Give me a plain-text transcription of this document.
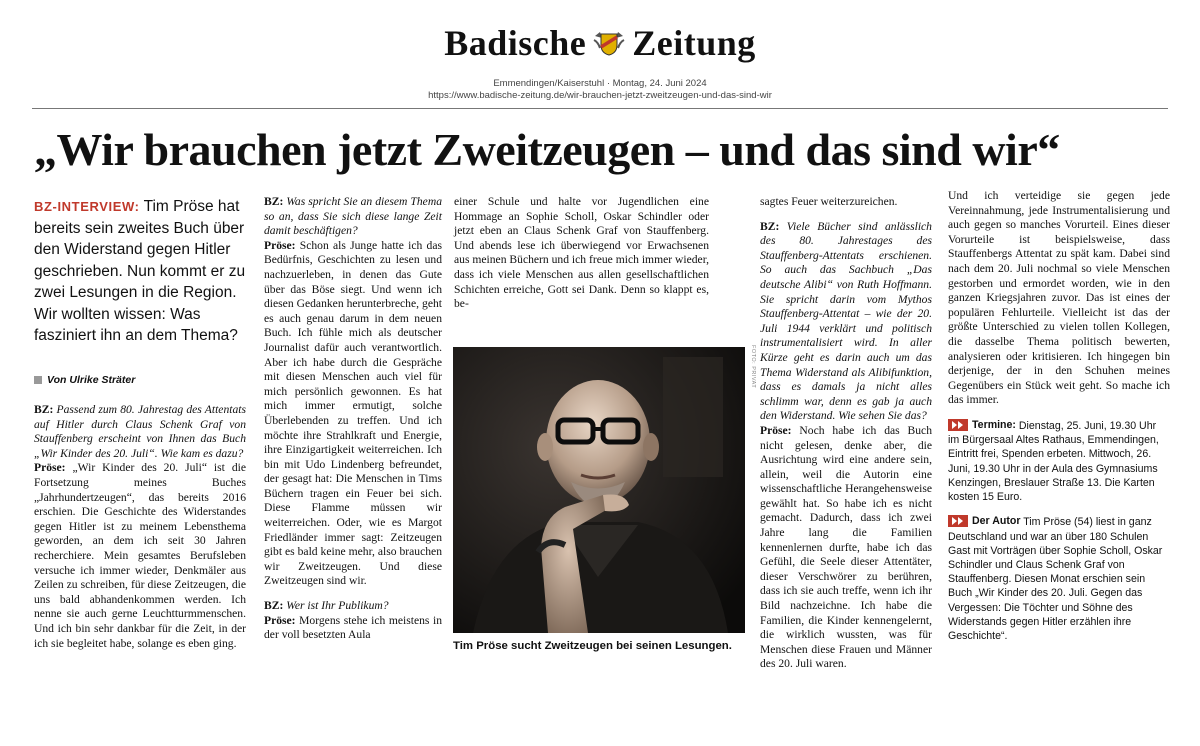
Badische Zeitung
Emmendingen/Kaiserstuhl · Montag, 24. Juni 2024
https://www.badische-zeitung.de/wir-brauchen-jetzt-zweitzeugen-und-das-sind-wir
„Wir brauchen jetzt Zweitzeugen – und das sind wir“

BZ-INTERVIEW: Tim Pröse hat bereits sein zweites Buch über den Widerstand gegen Hitler geschrieben. Nun kommt er zu zwei Lesungen in die Region. Wir wollten wissen: Was fasziniert ihn an dem Thema?

Von Ulrike Sträter

BZ: Passend zum 80. Jahrestag des Attentats auf Hitler durch Claus Schenk Graf von Stauffenberg erscheint von Ihnen das Buch „Wir Kinder des 20. Juli“. Wie kam es dazu?

Pröse: „Wir Kinder des 20. Juli“ ist die Fortsetzung meines Buches „Jahrhundertzeugen“, das bereits 2016 erschien. Die Geschichte des Widerstandes gegen Hitler ist zu meinem Lebensthema geworden, an dem ich seit 30 Jahren recherchiere. Mein gesamtes Berufsleben versuche ich immer wieder, Denkmäler aus Zeilen zu schreiben, für diese Zeitzeugen, die uns bald abhandenkommen werden. Ich nenne sie auch gerne Leuchtturmmenschen. Und ich bin sehr dankbar für die Zeit, in der ich sie begleitet habe, solange es eben ging.

BZ: Was spricht Sie an diesem Thema so an, dass Sie sich diese lange Zeit damit beschäftigen?

Pröse: Schon als Junge hatte ich das Bedürfnis, Geschichten zu lesen und nachzuerleben, in denen das Gute über das Böse siegt. Und wenn ich diesen Gedanken herunterbreche, geht es auch genau darum in dem neuen Buch. Ich fühle mich als deutscher Journalist dafür auch verantwortlich. Aber ich habe durch die Gespräche mit diesen Menschen auch viel für mich persönlich gewonnen. Es hat mich immer ermutigt, solche Überlebenden zu treffen. Und ich möchte ihre Strahlkraft und Energie, ihre Einzigartigkeit weiterreichen. Ich bin mit Udo Lindenberg befreundet, der gesagt hat: Die Menschen in Tims Büchern tragen ein Feuer bei sich. Diese Flamme müssen wir weiterreichen. Oder, wie es Margot Friedländer immer sagt: Zeitzeugen gibt es bald keine mehr, also brauchen wir Zweitzeugen. Und diese Zweitzeugen sind wir.

BZ: Wer ist Ihr Publikum?

Pröse: Morgens stehe ich meistens in der voll besetzten Aula

einer Schule und halte vor Jugendlichen eine Hommage an Sophie Scholl, Oskar Schindler oder jetzt eben an Claus Schenk Graf von Stauffenberg. Und abends lese ich überwiegend vor Erwachsenen aus meinen Büchern und ich freue mich immer wieder, dass ich viele Menschen aus allen gesellschaftlichen Schichten erreiche, Gott sei Dank. Denn so klappt es, be-

FOTO: PRIVAT
Tim Pröse sucht Zweitzeugen bei seinen Lesungen.

sagtes Feuer weiterzureichen.

BZ: Viele Bücher sind anlässlich des 80. Jahrestages des Stauffenberg-Attentats erschienen. So auch das Sachbuch „Das deutsche Alibi“ von Ruth Hoffmann. Sie spricht darin vom Mythos Stauffenberg-Attentat – wie der 20. Juli 1944 verklärt und politisch instrumentalisiert wird. In aller Kürze geht es darin auch um das Thema Widerstand als Alibifunktion, dass es damals ja nicht alles schlimm war, denn es gab ja auch den Widerstand. Wie sehen Sie das?

Pröse: Noch habe ich das Buch nicht gelesen, denke aber, die Ausrichtung wird eine andere sein, allein, weil die Autorin eine wissenschaftliche Herangehensweise gewählt hat. So habe ich es nicht gemacht. Dadurch, dass ich zwei Jahre lang die Familien kennenlernen durfte, habe ich das Gefühl, die Seele dieser Attentäter, dieser Verschwörer zu berühren, dass ich sie auch treffe, wenn ich ihr Bild nachzeichne. Ich habe die Familien, die Kinder kennengelernt, die wirklich wussten, was für Menschen diese Frauen und Männer des 20. Juli waren.

Und ich verteidige sie gegen jede Vereinnahmung, jede Instrumentalisierung und auch gegen so manches Vorurteil. Eines dieser Vorurteile ist beispielsweise, dass Stauffenbergs Attentat zu spät kam. Dabei sind nach dem 20. Juli nochmal so viele Menschen gestorben und ermordet worden, wie in den ganzen Kriegsjahren zuvor. Das ist eines der populären Fehlurteile. Vielleicht ist das der größte Unterschied zu vielen tollen Kollegen, die dasselbe Thema politisch bewerten, analysieren oder kritisieren. Ich hingegen bin derjenige, der in den Schuhen meines Gegenübers ein Stück weit geht. So mache ich das immer.

Termine: Dienstag, 25. Juni, 19.30 Uhr im Bürgersaal Altes Rathaus, Emmendingen, Eintritt frei, Spenden erbeten. Mittwoch, 26. Juni, 19.30 Uhr in der Aula des Gymnasiums Kenzingen, Breslauer Straße 13. Die Karten kosten 15 Euro.

Der Autor Tim Pröse (54) liest in ganz Deutschland und war an über 180 Schulen Gast mit Vorträgen über Sophie Scholl, Oskar Schindler und Claus Schenk Graf von Stauffenberg. Diesen Monat erschien sein Buch „Wir Kinder des 20. Juli. Gegen das Vergessen: Die Töchter und Söhne des Widerstands gegen Hitler erzählen ihre Geschichte“.
